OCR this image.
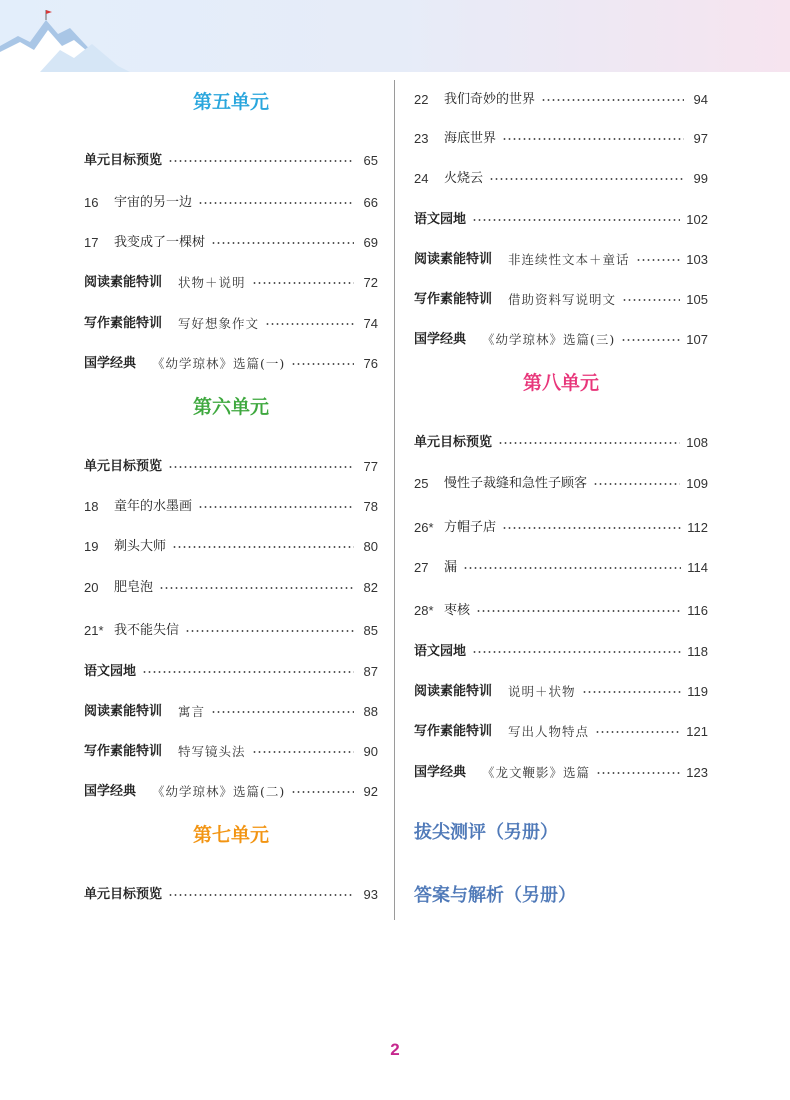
第五单元
单元目标预览	65
16	宇宙的另一边	66
17	我变成了一棵树	69
阅读素能特训 状物＋说明	72
写作素能特训 写好想象作文	74
国学经典 《幼学琼林》选篇(一)	76
第六单元
单元目标预览	77
18	童年的水墨画	78
19	剃头大师	80
20	肥皂泡	82
21* 我不能失信	85
语文园地	87
阅读素能特训 寓言	88
写作素能特训 特写镜头法	90
国学经典 《幼学琼林》选篇(二)	92
第七单元
单元目标预览	93
22	我们奇妙的世界	94
23	海底世界	97
24	火烧云	99
语文园地	102
阅读素能特训 非连续性文本＋童话	103
写作素能特训 借助资料写说明文	105
国学经典 《幼学琼林》选篇(三)	107
第八单元
单元目标预览	108
25	慢性子裁缝和急性子顾客	109
26* 方帽子店	112
27	漏	114
28* 枣核	116
语文园地	118
阅读素能特训 说明＋状物	119
写作素能特训 写出人物特点	121
国学经典 《龙文鞭影》选篇	123
拔尖测评（另册）
答案与解析（另册）
2
